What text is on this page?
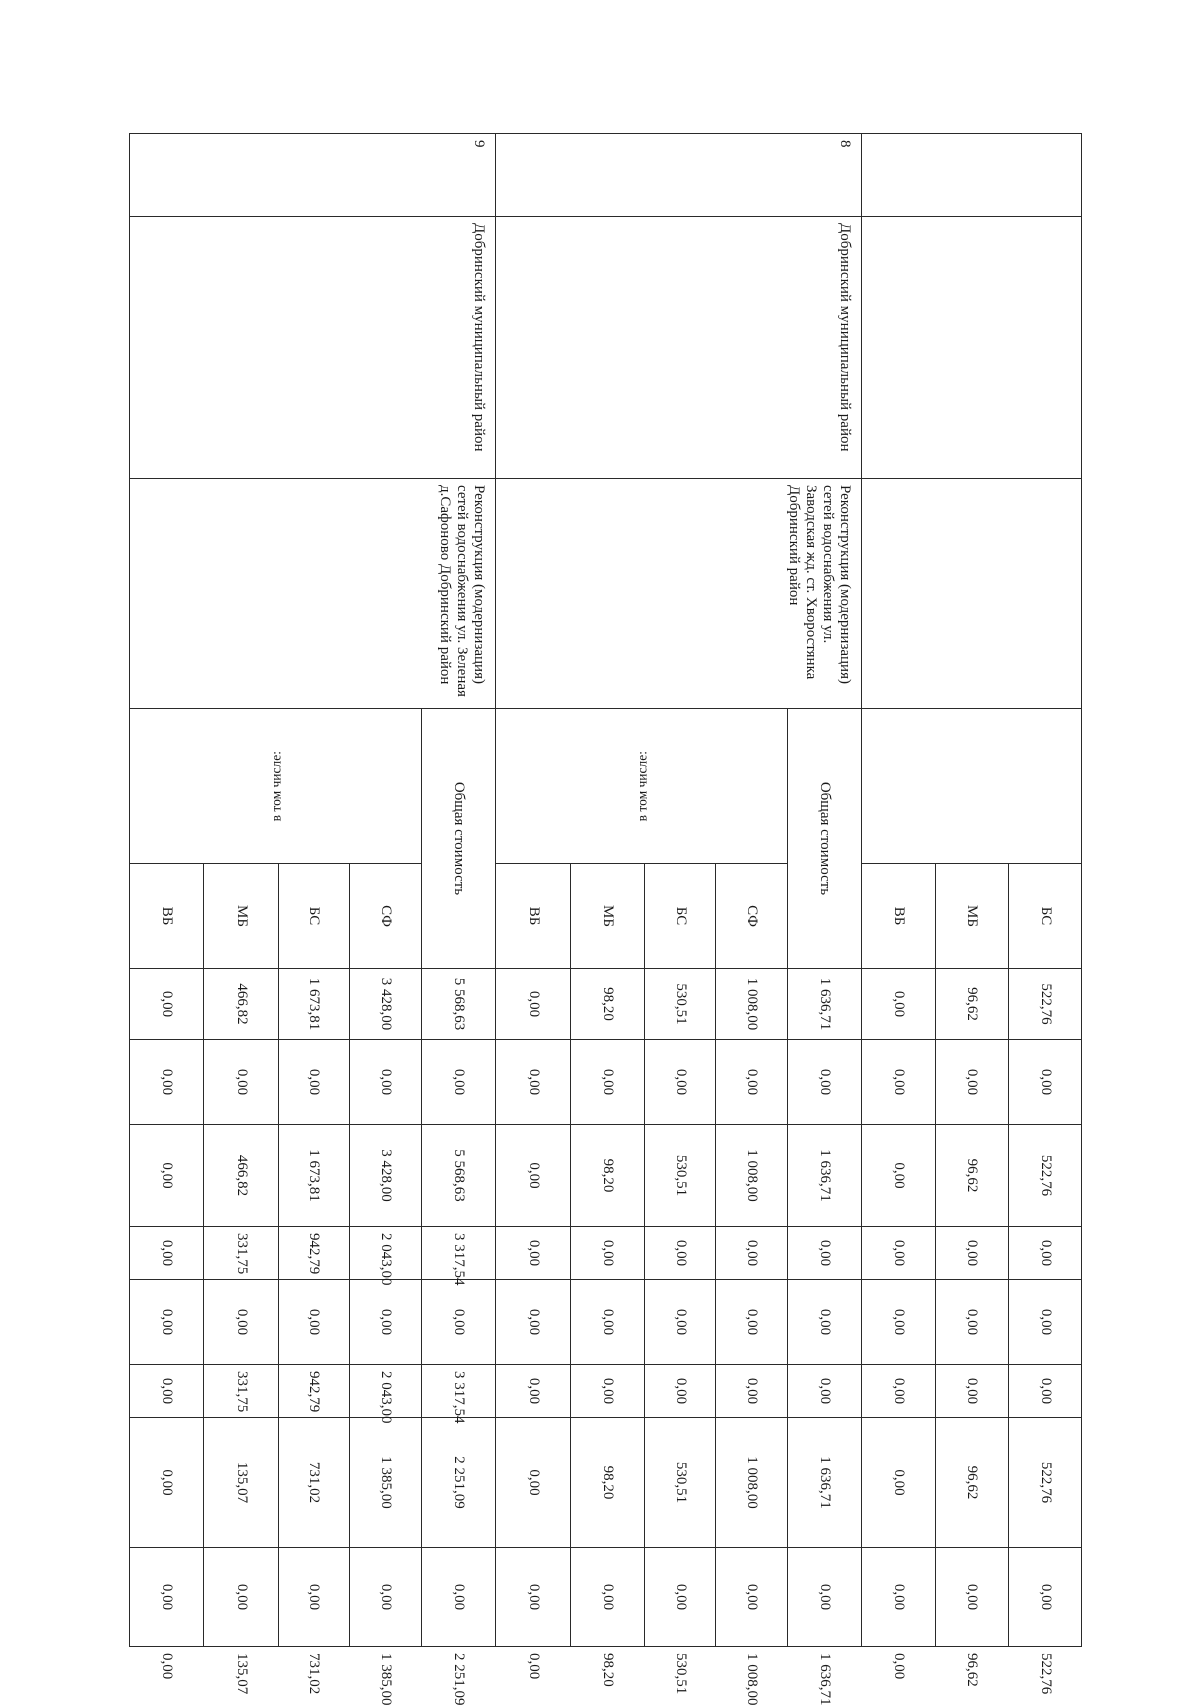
				БС	522,76	0,00	522,76	0,00	0,00	0,00	522,76	0,00	522,76
				МБ	96,62	0,00	96,62	0,00	0,00	0,00	96,62	0,00	96,62
				ВБ	0,00	0,00	0,00	0,00	0,00	0,00	0,00	0,00	0,00
8	Добринский муниципальный район	Реконструкция (модернизация) сетей водоснабжения ул. Заводская жд. ст. Хворостянка Добринский район	Общая стоимость		1 636,71	0,00	1 636,71	0,00	0,00	0,00	1 636,71	0,00	1 636,71
			в том числе:	СФ	1 008,00	0,00	1 008,00	0,00	0,00	0,00	1 008,00	0,00	1 008,00
				БС	530,51	0,00	530,51	0,00	0,00	0,00	530,51	0,00	530,51
				МБ	98,20	0,00	98,20	0,00	0,00	0,00	98,20	0,00	98,20
				ВБ	0,00	0,00	0,00	0,00	0,00	0,00	0,00	0,00	0,00
9	Добринский муниципальный район	Реконструкция (модернизация) сетей водоснабжения ул. Зеленая д.Сафоново Добринский район	Общая стоимость		5 568,63	0,00	5 568,63	3 317,54	0,00	3 317,54	2 251,09	0,00	2 251,09
			в том числе:	СФ	3 428,00	0,00	3 428,00	2 043,00	0,00	2 043,00	1 385,00	0,00	1 385,00
				БС	1 673,81	0,00	1 673,81	942,79	0,00	942,79	731,02	0,00	731,02
				МБ	466,82	0,00	466,82	331,75	0,00	331,75	135,07	0,00	135,07
				ВБ	0,00	0,00	0,00	0,00	0,00	0,00	0,00	0,00	0,00
